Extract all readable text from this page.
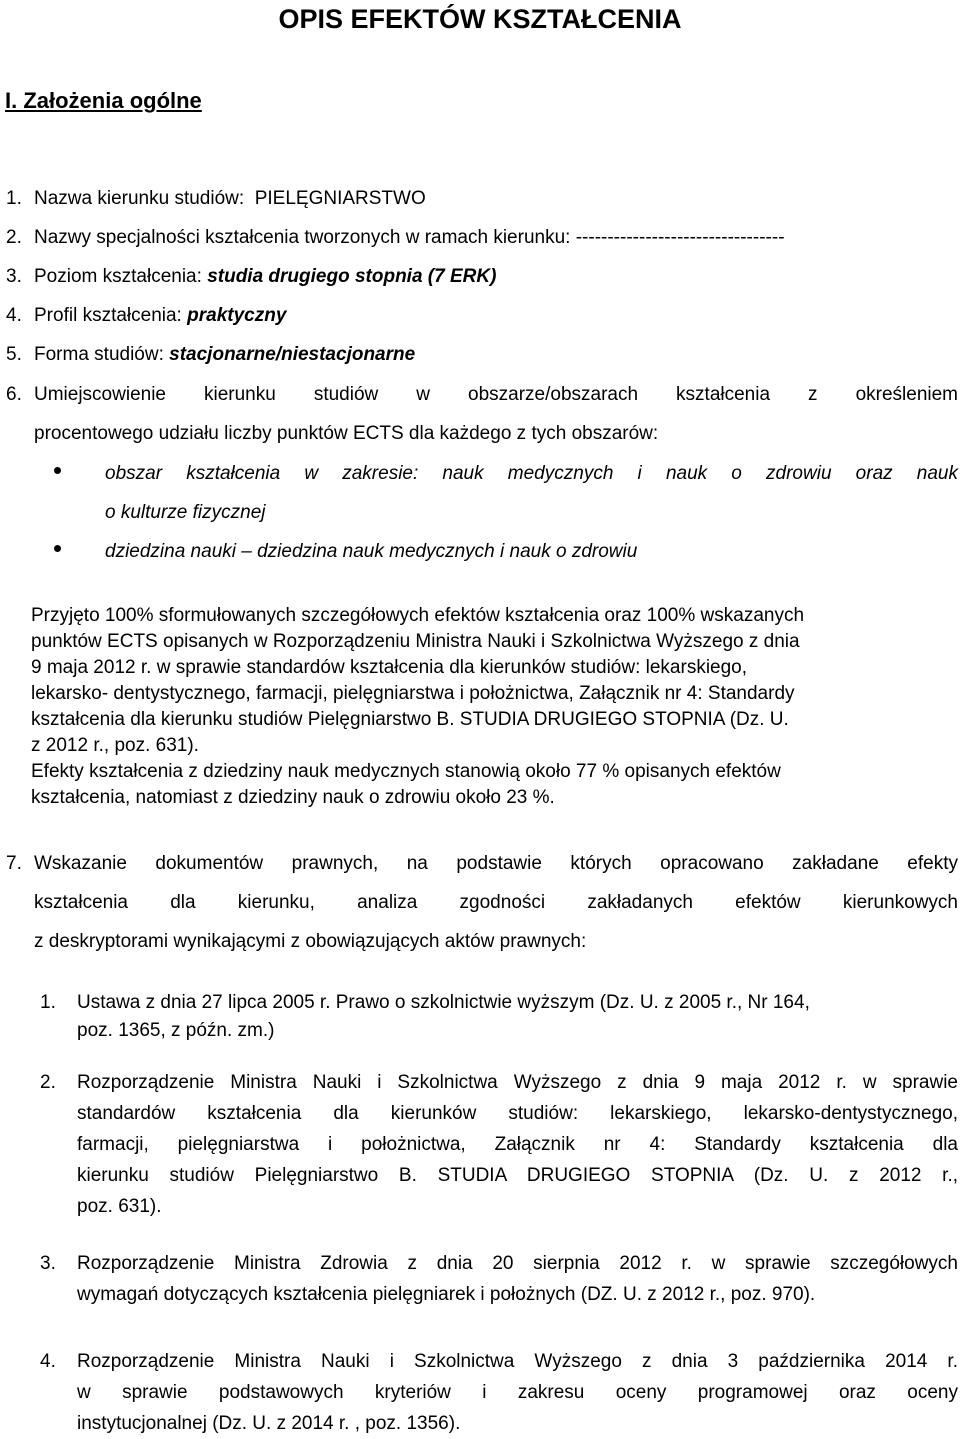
OPIS EFEKTÓW KSZTAŁCENIA
I. Założenia ogólne
1. Nazwa kierunku studiów: PIELĘGNIARSTWO
2. Nazwy specjalności kształcenia tworzonych w ramach kierunku: ---------------------------------
3. Poziom kształcenia: studia drugiego stopnia (7 ERK)
4. Profil kształcenia: praktyczny
5. Forma studiów: stacjonarne/niestacjonarne
6. Umiejscowienie kierunku studiów w obszarze/obszarach kształcenia z określeniem
procentowego udziału liczby punktów ECTS dla każdego z tych obszarów:
obszar kształcenia w zakresie: nauk medycznych i nauk o zdrowiu oraz nauk
o kulturze fizycznej
dziedzina nauki – dziedzina nauk medycznych i nauk o zdrowiu
Przyjęto 100% sformułowanych szczegółowych efektów kształcenia oraz 100% wskazanych
punktów ECTS opisanych w Rozporządzeniu Ministra Nauki i Szkolnictwa Wyższego z dnia
9 maja 2012 r. w sprawie standardów kształcenia dla kierunków studiów: lekarskiego,
lekarsko- dentystycznego, farmacji, pielęgniarstwa i położnictwa, Załącznik nr 4: Standardy
kształcenia dla kierunku studiów Pielęgniarstwo B. STUDIA DRUGIEGO STOPNIA (Dz. U.
z 2012 r., poz. 631).
Efekty kształcenia z dziedziny nauk medycznych stanowią około 77 % opisanych efektów
kształcenia, natomiast z dziedziny nauk o zdrowiu około 23 %.
7. Wskazanie dokumentów prawnych, na podstawie których opracowano zakładane efekty
kształcenia dla kierunku, analiza zgodności zakładanych efektów kierunkowych
z deskryptorami wynikającymi z obowiązujących aktów prawnych:
1. Ustawa z dnia 27 lipca 2005 r. Prawo o szkolnictwie wyższym (Dz. U. z 2005 r., Nr 164,
poz. 1365, z późn. zm.)
2. Rozporządzenie Ministra Nauki i Szkolnictwa Wyższego z dnia 9 maja 2012 r. w sprawie
standardów kształcenia dla kierunków studiów: lekarskiego, lekarsko-dentystycznego,
farmacji, pielęgniarstwa i położnictwa, Załącznik nr 4: Standardy kształcenia dla
kierunku studiów Pielęgniarstwo B. STUDIA DRUGIEGO STOPNIA (Dz. U. z 2012 r.,
poz. 631).
3. Rozporządzenie Ministra Zdrowia z dnia 20 sierpnia 2012 r. w sprawie szczegółowych
wymagań dotyczących kształcenia pielęgniarek i położnych (DZ. U. z 2012 r., poz. 970).
4. Rozporządzenie Ministra Nauki i Szkolnictwa Wyższego z dnia 3 października 2014 r.
w sprawie podstawowych kryteriów i zakresu oceny programowej oraz oceny
instytucjonalnej (Dz. U. z 2014 r. , poz. 1356).
